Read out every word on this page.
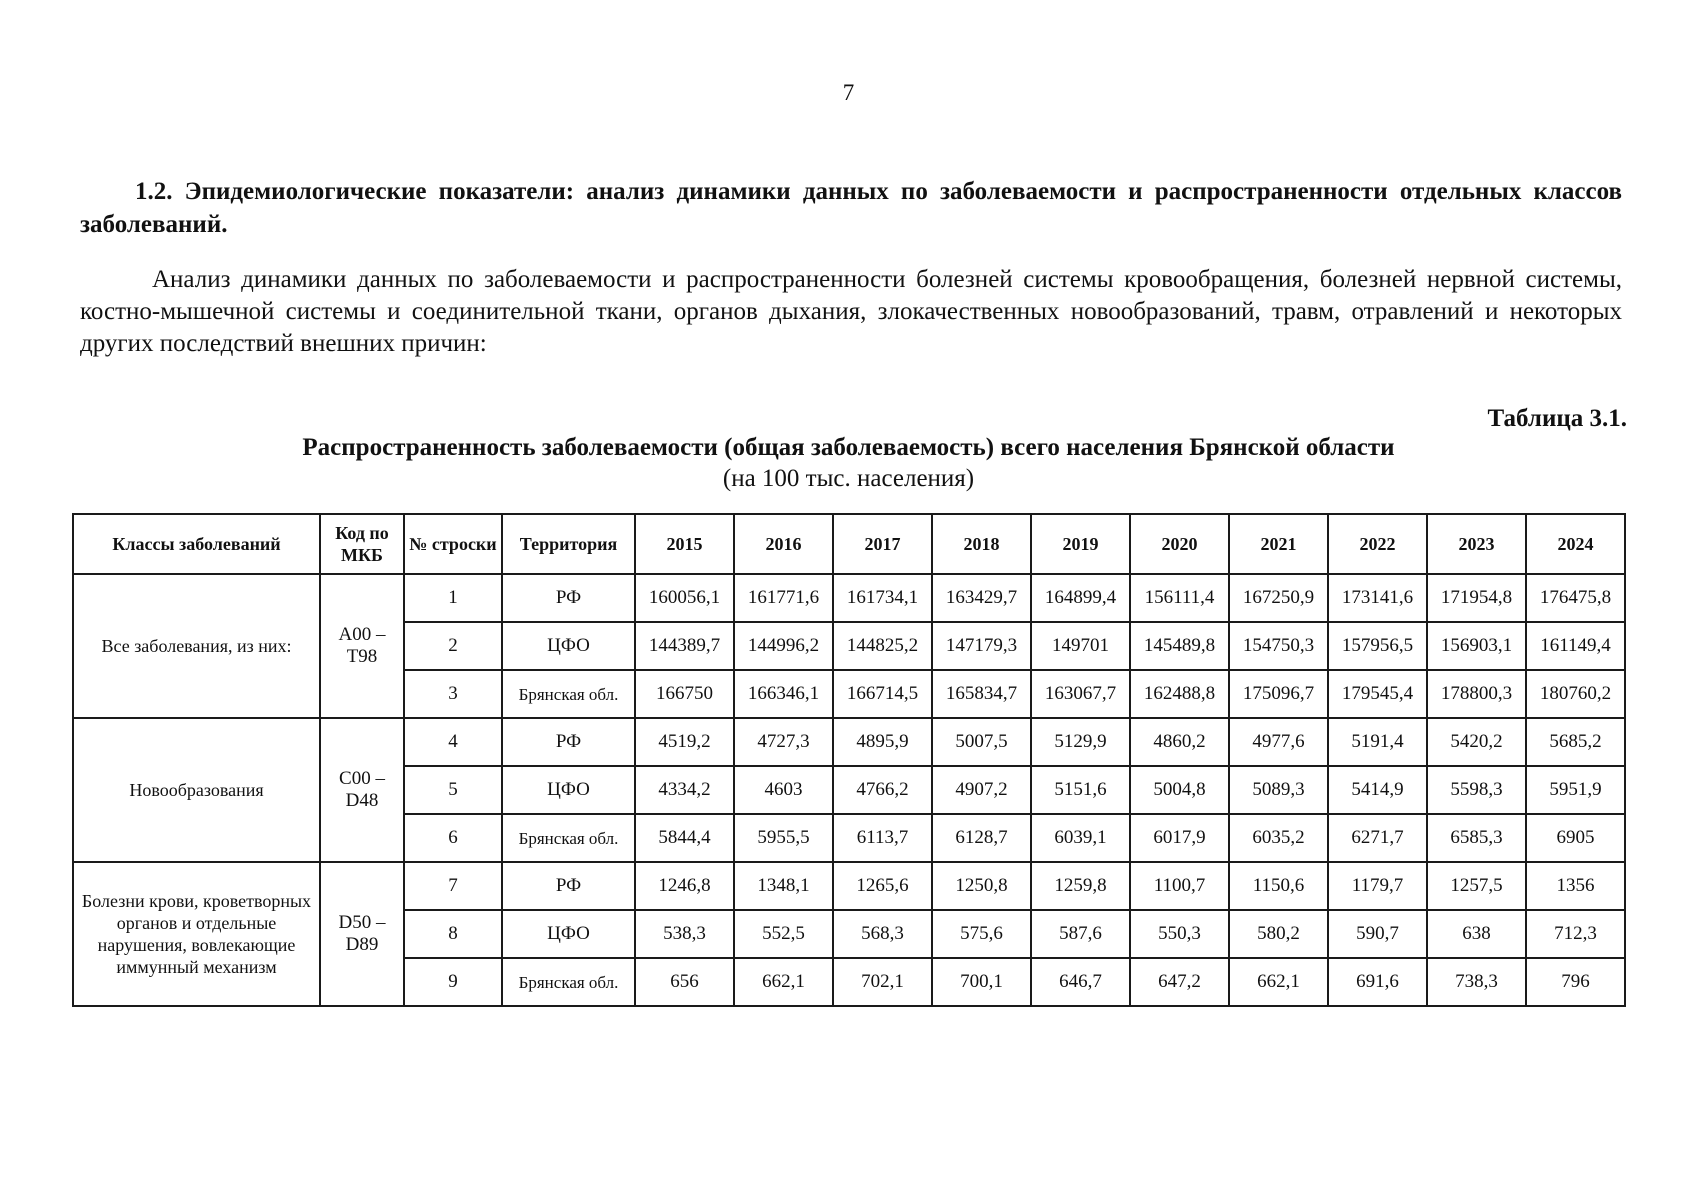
7
1.2. Эпидемиологические показатели: анализ динамики данных по заболеваемости и распространенности отдельных классов заболеваний.
Анализ динамики данных по заболеваемости и распространенности болезней системы кровообращения, болезней нервной системы, костно-мышечной системы и соединительной ткани, органов дыхания, злокачественных новообразований, травм, отравлений и некоторых других последствий внешних причин:
Таблица 3.1.
Распространенность заболеваемости (общая заболеваемость) всего населения Брянской области
(на 100 тыс. населения)
Классы заболеваний	Код по МКБ	№ строски	Территория	2015	2016	2017	2018	2019	2020	2021	2022	2023	2024
Все заболевания, из них:	A00 – T98	1	РФ	160056,1	161771,6	161734,1	163429,7	164899,4	156111,4	167250,9	173141,6	171954,8	176475,8
		2	ЦФО	144389,7	144996,2	144825,2	147179,3	149701	145489,8	154750,3	157956,5	156903,1	161149,4
		3	Брянская обл.	166750	166346,1	166714,5	165834,7	163067,7	162488,8	175096,7	179545,4	178800,3	180760,2
Новообразования	C00 – D48	4	РФ	4519,2	4727,3	4895,9	5007,5	5129,9	4860,2	4977,6	5191,4	5420,2	5685,2
		5	ЦФО	4334,2	4603	4766,2	4907,2	5151,6	5004,8	5089,3	5414,9	5598,3	5951,9
		6	Брянская обл.	5844,4	5955,5	6113,7	6128,7	6039,1	6017,9	6035,2	6271,7	6585,3	6905
Болезни крови, кроветворных органов и отдельные нарушения, вовлекающие иммунный механизм	D50 – D89	7	РФ	1246,8	1348,1	1265,6	1250,8	1259,8	1100,7	1150,6	1179,7	1257,5	1356
		8	ЦФО	538,3	552,5	568,3	575,6	587,6	550,3	580,2	590,7	638	712,3
		9	Брянская обл.	656	662,1	702,1	700,1	646,7	647,2	662,1	691,6	738,3	796
